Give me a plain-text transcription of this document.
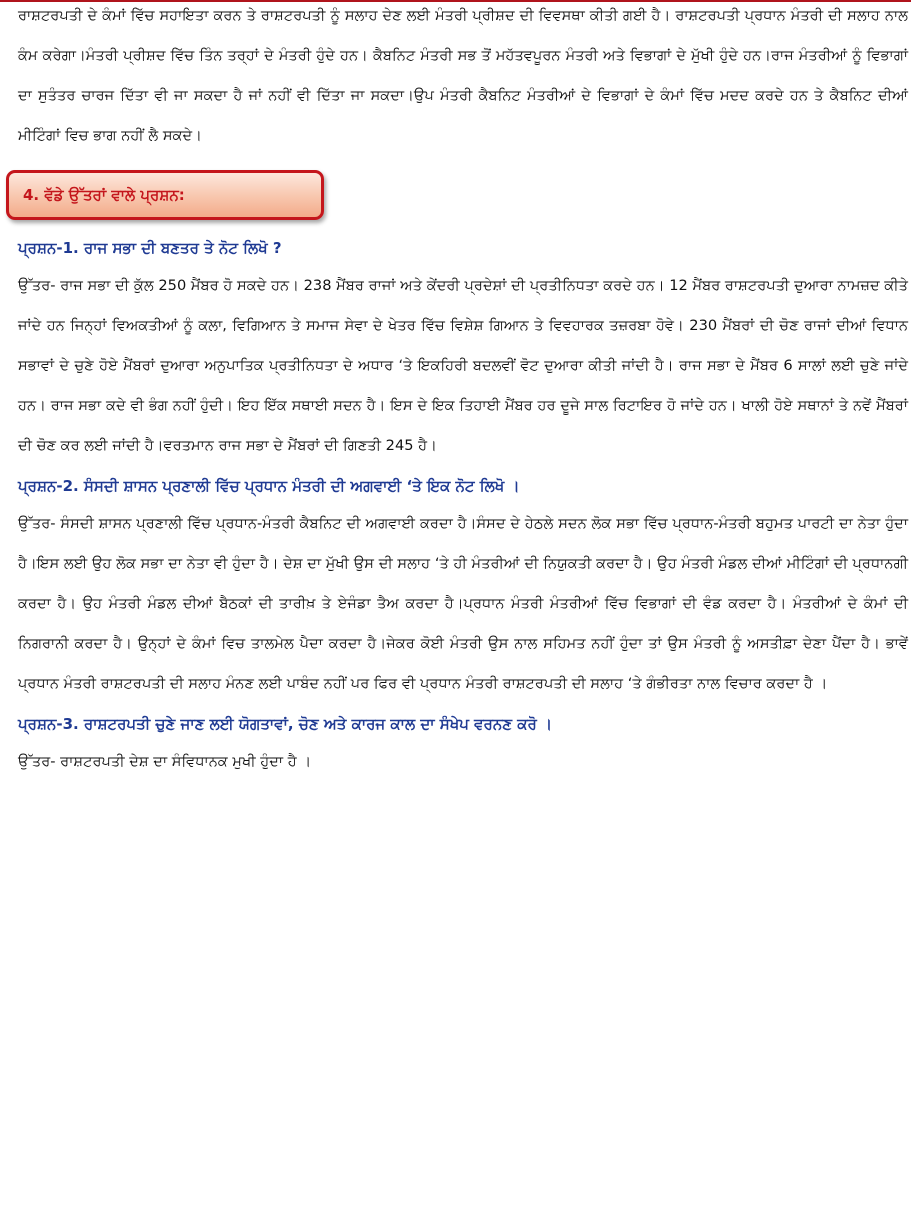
ਰਾਸ਼ਟਰਪਤੀ ਦੇ ਕੰਮਾਂ ਵਿੱਚ ਸਹਾਇਤਾ ਕਰਨ ਤੇ ਰਾਸ਼ਟਰਪਤੀ ਨੂੰ ਸਲਾਹ ਦੇਣ ਲਈ ਮੰਤਰੀ ਪ੍ਰੀਸ਼ਦ ਦੀ ਵਿਵਸਥਾ ਕੀਤੀ ਗਈ ਹੈ। ਰਾਸ਼ਟਰਪਤੀ ਪ੍ਰਧਾਨ ਮੰਤਰੀ ਦੀ ਸਲਾਹ ਨਾਲ ਕੰਮ ਕਰੇਗਾ।ਮੰਤਰੀ ਪ੍ਰੀਸ਼ਦ ਵਿੱਚ ਤਿੰਨ ਤਰ੍ਹਾਂ ਦੇ ਮੰਤਰੀ ਹੁੰਦੇ ਹਨ। ਕੈਬਨਿਟ ਮੰਤਰੀ ਸਭ ਤੋਂ ਮਹੱਤਵਪੂਰਨ ਮੰਤਰੀ ਅਤੇ ਵਿਭਾਗਾਂ ਦੇ ਮੁੱਖੀ ਹੁੰਦੇ ਹਨ।ਰਾਜ ਮੰਤਰੀਆਂ ਨੂੰ ਵਿਭਾਗਾਂ ਦਾ ਸੁਤੰਤਰ ਚਾਰਜ ਦਿੱਤਾ ਵੀ ਜਾ ਸਕਦਾ ਹੈ ਜਾਂ ਨਹੀਂ ਵੀ ਦਿੱਤਾ ਜਾ ਸਕਦਾ।ਉਪ ਮੰਤਰੀ ਕੈਬਨਿਟ ਮੰਤਰੀਆਂ ਦੇ ਵਿਭਾਗਾਂ ਦੇ ਕੰਮਾਂ ਵਿੱਚ ਮਦਦ ਕਰਦੇ ਹਨ ਤੇ ਕੈਬਨਿਟ ਦੀਆਂ ਮੀਟਿੰਗਾਂ ਵਿਚ ਭਾਗ ਨਹੀਂ ਲੈ ਸਕਦੇ।

4. ਵੱਡੇ ਉੱਤਰਾਂ ਵਾਲੇ ਪ੍ਰਸ਼ਨ:
ਪ੍ਰਸ਼ਨ-1. ਰਾਜ ਸਭਾ ਦੀ ਬਣਤਰ ਤੇ ਨੋਟ ਲਿਖੋ ?

ਉੱਤਰ- ਰਾਜ ਸਭਾ ਦੀ ਕੁੱਲ 250 ਮੈਂਬਰ ਹੋ ਸਕਦੇ ਹਨ। 238 ਮੈਂਬਰ ਰਾਜਾਂ ਅਤੇ ਕੇਂਦਰੀ ਪ੍ਰਦੇਸ਼ਾਂ ਦੀ ਪ੍ਰਤੀਨਿਧਤਾ ਕਰਦੇ ਹਨ। 12 ਮੈਂਬਰ ਰਾਸ਼ਟਰਪਤੀ ਦੁਆਰਾ ਨਾਮਜ਼ਦ ਕੀਤੇ ਜਾਂਦੇ ਹਨ ਜਿਨ੍ਹਾਂ ਵਿਅਕਤੀਆਂ ਨੂੰ ਕਲਾ, ਵਿਗਿਆਨ ਤੇ ਸਮਾਜ ਸੇਵਾ ਦੇ ਖੇਤਰ ਵਿੱਚ ਵਿਸ਼ੇਸ਼ ਗਿਆਨ ਤੇ ਵਿਵਹਾਰਕ ਤਜ਼ਰਬਾ ਹੋਵੇ। 230 ਮੈਂਬਰਾਂ ਦੀ ਚੋਣ ਰਾਜਾਂ ਦੀਆਂ ਵਿਧਾਨ ਸਭਾਵਾਂ ਦੇ ਚੁਣੇ ਹੋਏ ਮੈਂਬਰਾਂ ਦੁਆਰਾ ਅਨੁਪਾਤਿਕ ਪ੍ਰਤੀਨਿਧਤਾ ਦੇ ਅਧਾਰ ‘ਤੇ ਇਕਹਿਰੀ ਬਦਲਵੀਂ ਵੋਟ ਦੁਆਰਾ ਕੀਤੀ ਜਾਂਦੀ ਹੈ। ਰਾਜ ਸਭਾ ਦੇ ਮੈਂਬਰ 6 ਸਾਲਾਂ ਲਈ ਚੁਣੇ ਜਾਂਦੇ ਹਨ। ਰਾਜ ਸਭਾ ਕਦੇ ਵੀ ਭੰਗ ਨਹੀਂ ਹੁੰਦੀ। ਇਹ ਇੱਕ ਸਥਾਈ ਸਦਨ ਹੈ। ਇਸ ਦੇ ਇਕ ਤਿਹਾਈ ਮੈਂਬਰ ਹਰ ਦੂਜੇ ਸਾਲ ਰਿਟਾਇਰ ਹੋ ਜਾਂਦੇ ਹਨ। ਖਾਲੀ ਹੋਏ ਸਥਾਨਾਂ ਤੇ ਨਵੇਂ ਮੈਂਬਰਾਂ ਦੀ ਚੋਣ ਕਰ ਲਈ ਜਾਂਦੀ ਹੈ।ਵਰਤਮਾਨ ਰਾਜ ਸਭਾ ਦੇ ਮੈਂਬਰਾਂ ਦੀ ਗਿਣਤੀ 245 ਹੈ।

ਪ੍ਰਸ਼ਨ-2. ਸੰਸਦੀ ਸ਼ਾਸਨ ਪ੍ਰਣਾਲੀ ਵਿੱਚ ਪ੍ਰਧਾਨ ਮੰਤਰੀ ਦੀ ਅਗਵਾਈ ‘ਤੇ ਇਕ ਨੋਟ ਲਿਖੋ ।

ਉੱਤਰ- ਸੰਸਦੀ ਸ਼ਾਸਨ ਪ੍ਰਣਾਲੀ ਵਿੱਚ ਪ੍ਰਧਾਨ-ਮੰਤਰੀ ਕੈਬਨਿਟ ਦੀ ਅਗਵਾਈ ਕਰਦਾ ਹੈ।ਸੰਸਦ ਦੇ ਹੇਠਲੇ ਸਦਨ ਲੋਕ ਸਭਾ ਵਿੱਚ ਪ੍ਰਧਾਨ-ਮੰਤਰੀ ਬਹੁਮਤ ਪਾਰਟੀ ਦਾ ਨੇਤਾ ਹੁੰਦਾ ਹੈ।ਇਸ ਲਈ ਉਹ ਲੋਕ ਸਭਾ ਦਾ ਨੇਤਾ ਵੀ ਹੁੰਦਾ ਹੈ। ਦੇਸ਼ ਦਾ ਮੁੱਖੀ ਉਸ ਦੀ ਸਲਾਹ ‘ਤੇ ਹੀ ਮੰਤਰੀਆਂ ਦੀ ਨਿਯੁਕਤੀ ਕਰਦਾ ਹੈ। ਉਹ ਮੰਤਰੀ ਮੰਡਲ ਦੀਆਂ ਮੀਟਿੰਗਾਂ ਦੀ ਪ੍ਰਧਾਨਗੀ ਕਰਦਾ ਹੈ। ਉਹ ਮੰਤਰੀ ਮੰਡਲ ਦੀਆਂ ਬੈਠਕਾਂ ਦੀ ਤਾਰੀਖ਼ ਤੇ ਏਜੰਡਾ ਤੈਅ ਕਰਦਾ ਹੈ।ਪ੍ਰਧਾਨ ਮੰਤਰੀ ਮੰਤਰੀਆਂ ਵਿੱਚ ਵਿਭਾਗਾਂ ਦੀ ਵੰਡ ਕਰਦਾ ਹੈ। ਮੰਤਰੀਆਂ ਦੇ ਕੰਮਾਂ ਦੀ ਨਿਗਰਾਨੀ ਕਰਦਾ ਹੈ। ਉਨ੍ਹਾਂ ਦੇ ਕੰਮਾਂ ਵਿਚ ਤਾਲਮੇਲ ਪੈਦਾ ਕਰਦਾ ਹੈ।ਜੇਕਰ ਕੋਈ ਮੰਤਰੀ ਉਸ ਨਾਲ ਸਹਿਮਤ ਨਹੀਂ ਹੁੰਦਾ ਤਾਂ ਉਸ ਮੰਤਰੀ ਨੂੰ ਅਸਤੀਫ਼ਾ ਦੇਣਾ ਪੈਂਦਾ ਹੈ। ਭਾਵੇਂ ਪ੍ਰਧਾਨ ਮੰਤਰੀ ਰਾਸ਼ਟਰਪਤੀ ਦੀ ਸਲਾਹ ਮੰਨਣ ਲਈ ਪਾਬੰਦ ਨਹੀਂ ਪਰ ਫਿਰ ਵੀ ਪ੍ਰਧਾਨ ਮੰਤਰੀ ਰਾਸ਼ਟਰਪਤੀ ਦੀ ਸਲਾਹ ‘ਤੇ ਗੰਭੀਰਤਾ ਨਾਲ ਵਿਚਾਰ ਕਰਦਾ ਹੈ ।

ਪ੍ਰਸ਼ਨ-3. ਰਾਸ਼ਟਰਪਤੀ ਚੁਣੇ ਜਾਣ ਲਈ ਯੋਗਤਾਵਾਂ, ਚੋਣ ਅਤੇ ਕਾਰਜ ਕਾਲ ਦਾ ਸੰਖੇਪ ਵਰਨਣ ਕਰੋ ।

ਉੱਤਰ- ਰਾਸ਼ਟਰਪਤੀ ਦੇਸ਼ ਦਾ ਸੰਵਿਧਾਨਕ ਮੁਖੀ ਹੁੰਦਾ ਹੈ ।
